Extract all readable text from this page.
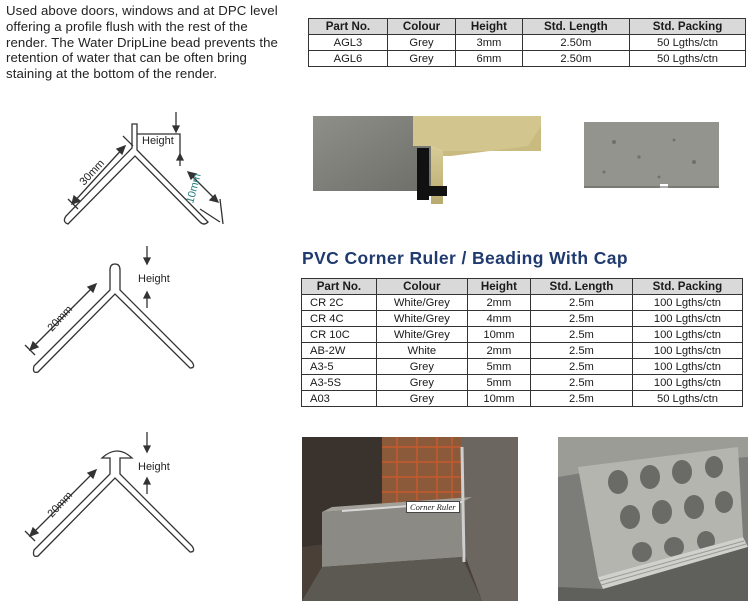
Used above doors, windows and at DPC level offering a profile flush with the rest of the render. The Water DripLine bead prevents the retention of water that can be often bring staining at the bottom of the render.
Part No.	Colour	Height	Std. Length	Std. Packing
AGL3	Grey	3mm	2.50m	50 Lgths/ctn
AGL6	Grey	6mm	2.50m	50 Lgths/ctn
PVC Corner Ruler / Beading With Cap
Part No.	Colour	Height	Std. Length	Std. Packing
CR 2C	White/Grey	2mm	2.5m	100 Lgths/ctn
CR 4C	White/Grey	4mm	2.5m	100 Lgths/ctn
CR 10C	White/Grey	10mm	2.5m	100 Lgths/ctn
AB-2W	White	2mm	2.5m	100 Lgths/ctn
A3-5	Grey	5mm	2.5m	100 Lgths/ctn
A3-5S	Grey	5mm	2.5m	100 Lgths/ctn
A03	Grey	10mm	2.5m	50 Lgths/ctn
Height
30mm	10mm
Height
20mm
Height
20mm	Corner Ruler
